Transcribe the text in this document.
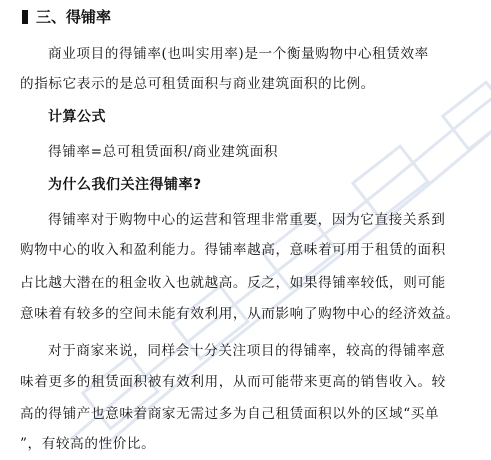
三、得铺率
商业项目的得铺率(也叫实用率)是一个衡量购物中心租赁效率
的指标它表示的是总可租赁面积与商业建筑面积的比例。
计算公式
得铺率=总可租赁面积/商业建筑面积
为什么我们关注得铺率?
得铺率对于购物中心的运营和管理非常重要，因为它直接关系到
购物中心的收入和盈利能力。得铺率越高，意味着可用于租赁的面积
占比越大潜在的租金收入也就越高。反之，如果得铺率较低，则可能
意味着有较多的空间未能有效利用，从而影响了购物中心的经济效益。
对于商家来说，同样会十分关注项目的得铺率，较高的得铺率意
味着更多的租赁面积被有效利用，从而可能带来更高的销售收入。较
高的得铺产也意味着商家无需过多为自己租赁面积以外的区域“买单
”，有较高的性价比。
